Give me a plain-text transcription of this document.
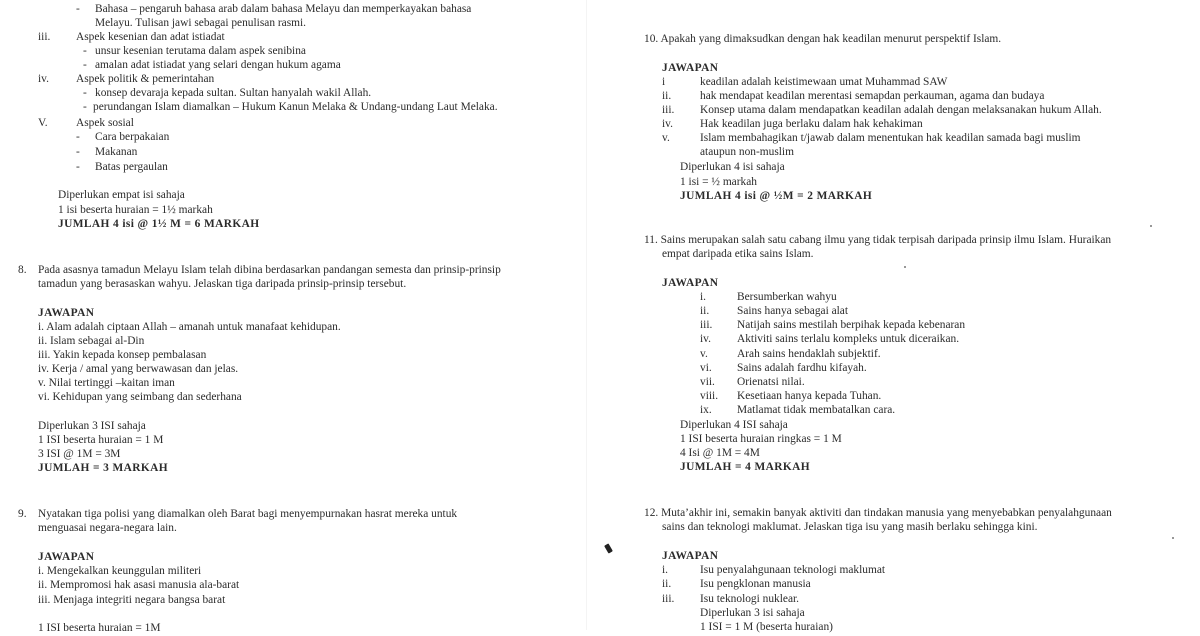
- Bahasa – pengaruh bahasa arab dalam bahasa Melayu dan memperkayakan bahasa
Melayu. Tulisan jawi sebagai penulisan rasmi.
iii. Aspek kesenian dan adat istiadat
- unsur kesenian terutama dalam aspek senibina
- amalan adat istiadat yang selari dengan hukum agama
iv. Aspek politik & pemerintahan
- konsep devaraja kepada sultan. Sultan hanyalah wakil Allah.
- perundangan Islam diamalkan – Hukum Kanun Melaka & Undang-undang Laut Melaka.
V. Aspek sosial
- Cara berpakaian
- Makanan
- Batas pergaulan
Diperlukan empat isi sahaja
1 isi beserta huraian = 1½ markah
JUMLAH 4 isi @ 1½ M = 6 MARKAH
8. Pada asasnya tamadun Melayu Islam telah dibina berdasarkan pandangan semesta dan prinsip-prinsip
tamadun yang berasaskan wahyu. Jelaskan tiga daripada prinsip-prinsip tersebut.
JAWAPAN
i. Alam adalah ciptaan Allah – amanah untuk manafaat kehidupan.
ii. Islam sebagai al-Din
iii. Yakin kepada konsep pembalasan
iv. Kerja / amal yang berwawasan dan jelas.
v. Nilai tertinggi –kaitan iman
vi. Kehidupan yang seimbang dan sederhana
Diperlukan 3 ISI sahaja
1 ISI beserta huraian = 1 M
3 ISI @ 1M = 3M
JUMLAH = 3 MARKAH
9. Nyatakan tiga polisi yang diamalkan oleh Barat bagi menyempurnakan hasrat mereka untuk
menguasai negara-negara lain.
JAWAPAN
i. Mengekalkan keunggulan militeri
ii. Mempromosi hak asasi manusia ala-barat
iii. Menjaga integriti negara bangsa barat
1 ISI beserta huraian = 1M
10. Apakah yang dimaksudkan dengan hak keadilan menurut perspektif Islam.
JAWAPAN
i	keadilan adalah keistimewaan umat Muhammad SAW
ii.	hak mendapat keadilan merentasi semapdan perkauman, agama dan budaya
iii. Konsep utama dalam mendapatkan keadilan adalah dengan melaksanakan hukum Allah.
iv. Hak keadilan juga berlaku dalam hak kehakiman
v.	Islam membahagikan t/jawab dalam menentukan hak keadilan samada bagi muslim
ataupun non-muslim
Diperlukan 4 isi sahaja
1 isi = ½ markah
JUMLAH 4 isi @ ½M = 2 MARKAH
11. Sains merupakan salah satu cabang ilmu yang tidak terpisah daripada prinsip ilmu Islam. Huraikan
empat daripada etika sains Islam.
JAWAPAN
i.	Bersumberkan wahyu
ii. Sains hanya sebagai alat
iii. Natijah sains mestilah berpihak kepada kebenaran
iv. Aktiviti sains terlalu kompleks untuk diceraikan.
v.	Arah sains hendaklah subjektif.
vi. Sains adalah fardhu kifayah.
vii. Orienatsi nilai.
viii. Kesetiaan hanya kepada Tuhan.
ix. Matlamat tidak membatalkan cara.
Diperlukan 4 ISI sahaja
1 ISI beserta huraian ringkas = 1 M
4 Isi @ 1M = 4M
JUMLAH = 4 MARKAH
12. Muta’akhir ini, semakin banyak aktiviti dan tindakan manusia yang menyebabkan penyalahgunaan
sains dan teknologi maklumat. Jelaskan tiga isu yang masih berlaku sehingga kini.
JAWAPAN
i.	Isu penyalahgunaan teknologi maklumat
ii.	Isu pengklonan manusia
iii. Isu teknologi nuklear.
Diperlukan 3 isi sahaja
1 ISI = 1 M (beserta huraian)
